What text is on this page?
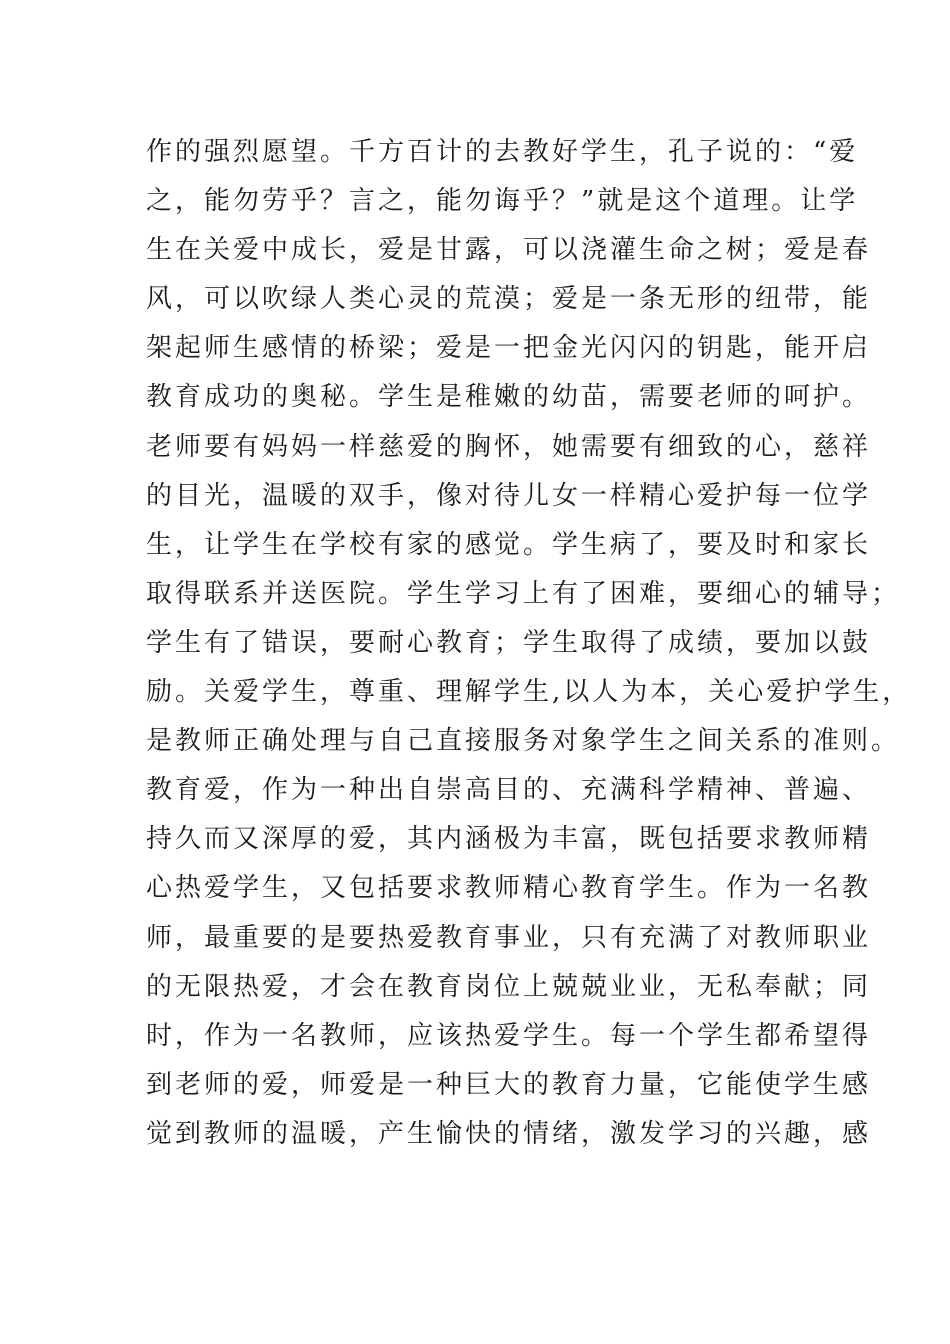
作的强烈愿望。千方百计的去教好学生，孔子说的：“爱
之，能勿劳乎？言之，能勿诲乎？”就是这个道理。让学
生在关爱中成长，爱是甘露，可以浇灌生命之树；爱是春
风，可以吹绿人类心灵的荒漠；爱是一条无形的纽带，能
架起师生感情的桥梁；爱是一把金光闪闪的钥匙，能开启
教育成功的奥秘。学生是稚嫩的幼苗，需要老师的呵护。
老师要有妈妈一样慈爱的胸怀，她需要有细致的心，慈祥
的目光，温暖的双手，像对待儿女一样精心爱护每一位学
生，让学生在学校有家的感觉。学生病了，要及时和家长
取得联系并送医院。学生学习上有了困难，要细心的辅导；
学生有了错误，要耐心教育；学生取得了成绩，要加以鼓
励。关爱学生，尊重、理解学生,以人为本，关心爱护学生，
是教师正确处理与自己直接服务对象学生之间关系的准则。
教育爱，作为一种出自崇高目的、充满科学精神、普遍、
持久而又深厚的爱，其内涵极为丰富，既包括要求教师精
心热爱学生，又包括要求教师精心教育学生。作为一名教
师，最重要的是要热爱教育事业，只有充满了对教师职业
的无限热爱，才会在教育岗位上兢兢业业，无私奉献；同
时，作为一名教师，应该热爱学生。每一个学生都希望得
到老师的爱，师爱是一种巨大的教育力量，它能使学生感
觉到教师的温暖，产生愉快的情绪，激发学习的兴趣，感
